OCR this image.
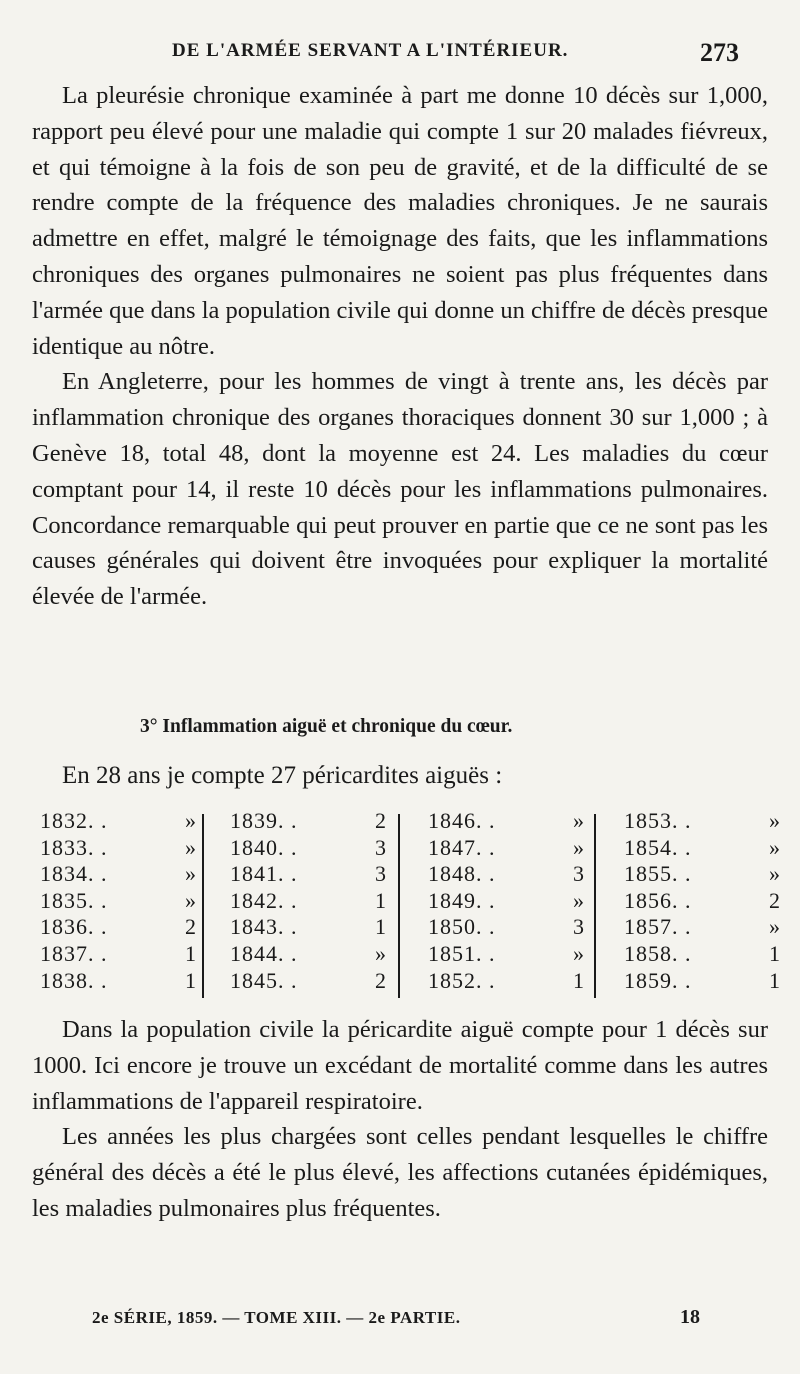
DE L'ARMÉE SERVANT A L'INTÉRIEUR.	273

La pleurésie chronique examinée à part me donne 10 décès sur 1,000, rapport peu élevé pour une maladie qui compte 1 sur 20 malades fiévreux, et qui témoigne à la fois de son peu de gravité, et de la difficulté de se rendre compte de la fréquence des maladies chroniques. Je ne saurais admettre en effet, malgré le témoignage des faits, que les inflammations chroniques des organes pulmonaires ne soient pas plus fréquentes dans l'armée que dans la population civile qui donne un chiffre de décès presque identique au nôtre.

En Angleterre, pour les hommes de vingt à trente ans, les décès par inflammation chronique des organes thoraciques donnent 30 sur 1,000 ; à Genève 18, total 48, dont la moyenne est 24. Les maladies du cœur comptant pour 14, il reste 10 décès pour les inflammations pulmonaires. Concordance remarquable qui peut prouver en partie que ce ne sont pas les causes générales qui doivent être invoquées pour expliquer la mortalité élevée de l'armée.

3° Inflammation aiguë et chronique du cœur.
En 28 ans je compte 27 péricardites aiguës :
1832. .	»
1833. .	»
1834. .	»
1835. .	»
1836. .	2
1837. .	1
1838. .	1
1839. .	2
1840. .	3
1841. .	3
1842. .	1
1843. .	1
1844. .	»
1845. .	2
1846. .	»
1847. .	»
1848. .	3
1849. .	»
1850. .	3
1851. .	»
1852. .	1
1853. .	»
1854. .	»
1855. .	»
1856. .	2
1857. .	»
1858. .	1
1859. .	1

Dans la population civile la péricardite aiguë compte pour 1 décès sur 1000. Ici encore je trouve un excédant de mortalité comme dans les autres inflammations de l'appareil respiratoire.

Les années les plus chargées sont celles pendant lesquelles le chiffre général des décès a été le plus élevé, les affections cutanées épidémiques, les maladies pulmonaires plus fréquentes.

2e SÉRIE, 1859. — TOME XIII. — 2e PARTIE.	18
